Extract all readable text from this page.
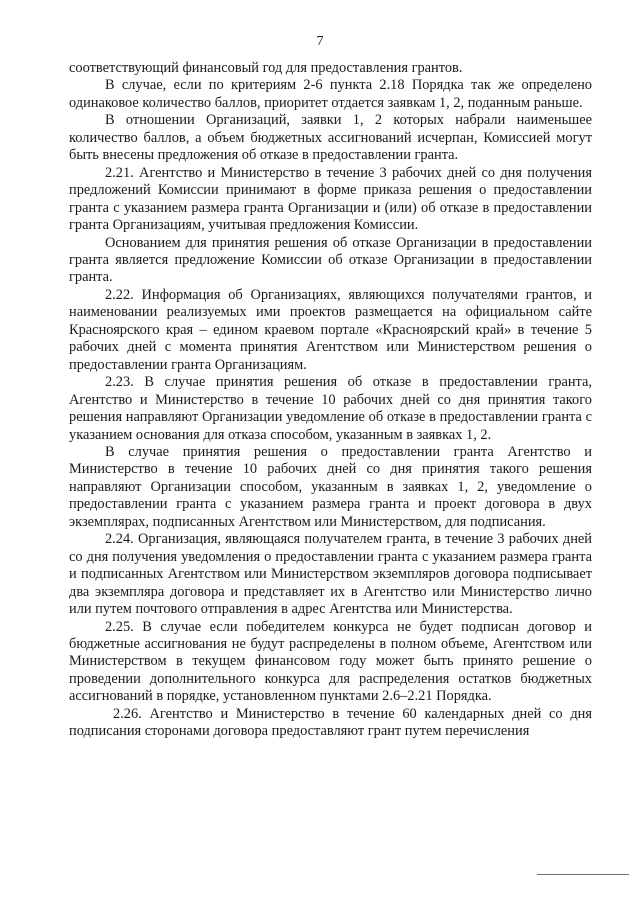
7

соответствующий финансовый год для предоставления грантов.

В случае, если по критериям 2-6 пункта 2.18 Порядка так же определено одинаковое количество баллов, приоритет отдается заявкам 1, 2, поданным раньше.

В отношении Организаций, заявки 1, 2 которых набрали наименьшее количество баллов, а объем бюджетных ассигнований исчерпан, Комиссией могут быть внесены предложения об отказе в предоставлении гранта.

2.21. Агентство и Министерство в течение 3 рабочих дней со дня получения предложений Комиссии принимают в форме приказа решения о предоставлении гранта с указанием размера гранта Организации и (или) об отказе в предоставлении гранта Организациям, учитывая предложения Комиссии.

Основанием для принятия решения об отказе Организации в предоставлении гранта является предложение Комиссии об отказе Организации в предоставлении гранта.

2.22. Информация об Организациях, являющихся получателями грантов, и наименовании реализуемых ими проектов размещается на официальном сайте Красноярского края – едином краевом портале «Красноярский край» в течение 5 рабочих дней с момента принятия Агентством или Министерством решения о предоставлении гранта Организациям.

2.23. В случае принятия решения об отказе в предоставлении гранта, Агентство и Министерство в течение 10 рабочих дней со дня принятия такого решения направляют Организации уведомление об отказе в предоставлении гранта с указанием основания для отказа способом, указанным в заявках 1, 2.

В случае принятия решения о предоставлении гранта Агентство и Министерство в течение 10 рабочих дней со дня принятия такого решения направляют Организации способом, указанным в заявках 1, 2, уведомление о предоставлении гранта с указанием размера гранта и проект договора в двух экземплярах, подписанных Агентством или Министерством, для подписания.

2.24. Организация, являющаяся получателем гранта, в течение 3 рабочих дней со дня получения уведомления о предоставлении гранта с указанием размера гранта и подписанных Агентством или Министерством экземпляров договора подписывает два экземпляра договора и представляет их в Агентство или Министерство лично или путем почтового отправления в адрес Агентства или Министерства.

2.25. В случае если победителем конкурса не будет подписан договор и бюджетные ассигнования не будут распределены в полном объеме, Агентством или Министерством в текущем финансовом году может быть принято решение о проведении дополнительного конкурса для распределения остатков бюджетных ассигнований в порядке, установленном пунктами 2.6–2.21 Порядка.

2.26. Агентство и Министерство в течение 60 календарных дней со дня подписания сторонами договора предоставляют грант путем перечисления
